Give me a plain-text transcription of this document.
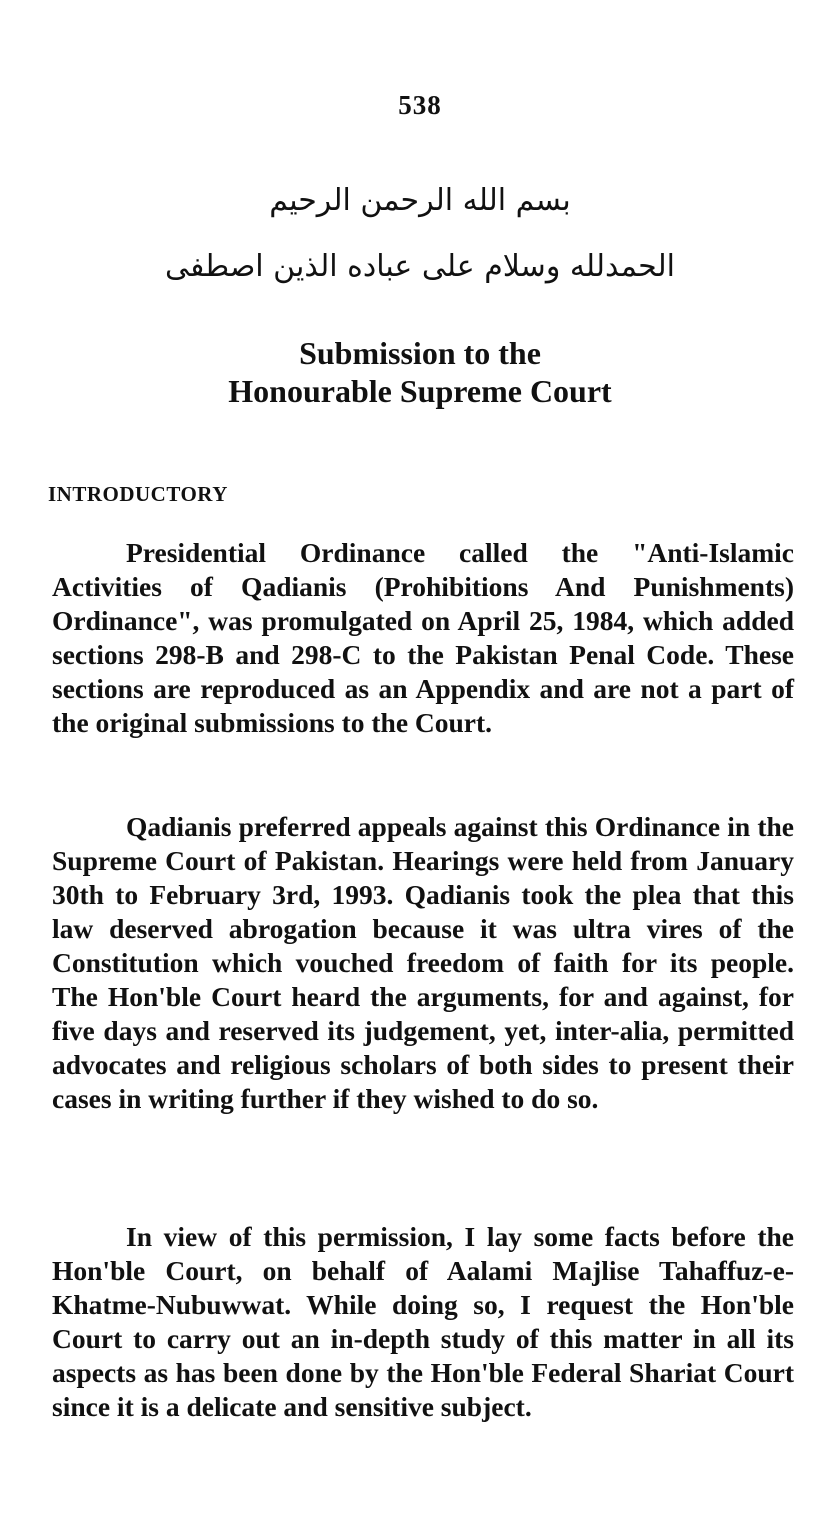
538
بسم الله الرحمن الرحيم
الحمدلله وسلام على عباده الذين اصطفى
Submission to the
Honourable Supreme Court
INTRODUCTORY

Presidential Ordinance called the "Anti-Islamic Activities of Qadianis (Prohibitions And Punishments) Ordinance", was promulgated on April 25, 1984, which added sections 298-B and 298-C to the Pakistan Penal Code. These sections are reproduced as an Appendix and are not a part of the original submissions to the Court.

Qadianis preferred appeals against this Ordinance in the Supreme Court of Pakistan. Hearings were held from January 30th to February 3rd, 1993. Qadianis took the plea that this law deserved abrogation because it was ultra vires of the Constitution which vouched freedom of faith for its people. The Hon'ble Court heard the arguments, for and against, for five days and reserved its judgement, yet, inter-alia, permitted advocates and religious scholars of both sides to present their cases in writing further if they wished to do so.

In view of this permission, I lay some facts before the Hon'ble Court, on behalf of Aalami Majlise Tahaffuz-e-Khatme-Nubuwwat. While doing so, I request the Hon'ble Court to carry out an in-depth study of this matter in all its aspects as has been done by the Hon'ble Federal Shariat Court since it is a delicate and sensitive subject.
